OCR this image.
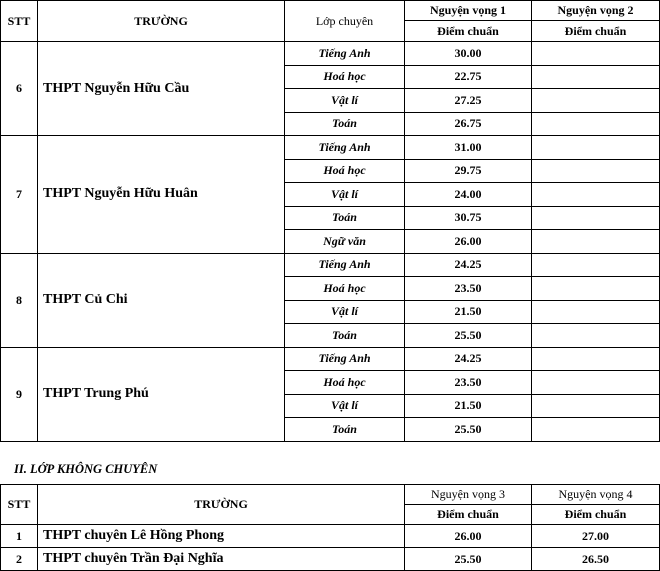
STT	TRƯỜNG	Lớp chuyên	Nguyện vọng 1	Nguyện vọng 2
			Điểm chuẩn	Điểm chuẩn
6	THPT Nguyễn Hữu Cầu	Tiếng Anh	30.00	
		Hoá học	22.75	
		Vật lí	27.25	
		Toán	26.75	
7	THPT Nguyễn Hữu Huân	Tiếng Anh	31.00	
		Hoá học	29.75	
		Vật lí	24.00	
		Toán	30.75	
		Ngữ văn	26.00	
8	THPT Củ Chi	Tiếng Anh	24.25	
		Hoá học	23.50	
		Vật lí	21.50	
		Toán	25.50	
9	THPT Trung Phú	Tiếng Anh	24.25	
		Hoá học	23.50	
		Vật lí	21.50	
		Toán	25.50	
II. LỚP KHÔNG CHUYÊN
STT	TRƯỜNG	Nguyện vọng 3	Nguyện vọng 4
		Điểm chuẩn	Điểm chuẩn
1	THPT chuyên Lê Hồng Phong	26.00	27.00
2	THPT chuyên Trần Đại Nghĩa	25.50	26.50
